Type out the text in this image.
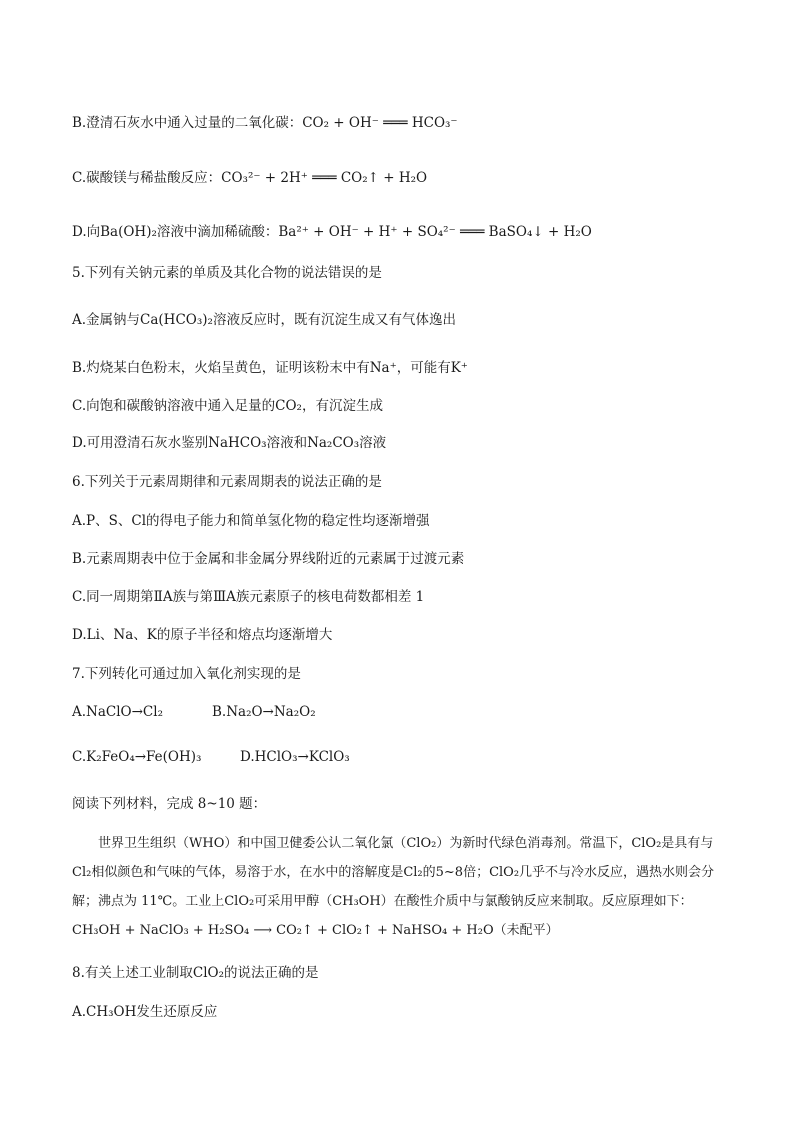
B.澄清石灰水中通入过量的二氧化碳：CO₂ + OH⁻ ═══ HCO₃⁻
C.碳酸镁与稀盐酸反应：CO₃²⁻ + 2H⁺ ═══ CO₂↑ + H₂O
D.向Ba(OH)₂溶液中滴加稀硫酸：Ba²⁺ + OH⁻ + H⁺ + SO₄²⁻ ═══ BaSO₄↓ + H₂O
5.下列有关钠元素的单质及其化合物的说法错误的是
A.金属钠与Ca(HCO₃)₂溶液反应时，既有沉淀生成又有气体逸出
B.灼烧某白色粉末，火焰呈黄色，证明该粉末中有Na⁺，可能有K⁺
C.向饱和碳酸钠溶液中通入足量的CO₂，有沉淀生成
D.可用澄清石灰水鉴别NaHCO₃溶液和Na₂CO₃溶液
6.下列关于元素周期律和元素周期表的说法正确的是
A.P、S、Cl的得电子能力和简单氢化物的稳定性均逐渐增强
B.元素周期表中位于金属和非金属分界线附近的元素属于过渡元素
C.同一周期第ⅡA族与第ⅢA族元素原子的核电荷数都相差 1
D.Li、Na、K的原子半径和熔点均逐渐增大
7.下列转化可通过加入氧化剂实现的是
A.NaClO→Cl₂	B.Na₂O→Na₂O₂
C.K₂FeO₄→Fe(OH)₃	D.HClO₃→KClO₃
阅读下列材料，完成 8~10 题：

世界卫生组织（WHO）和中国卫健委公认二氧化氯（ClO₂）为新时代绿色消毒剂。常温下，ClO₂是具有与Cl₂相似颜色和气味的气体，易溶于水，在水中的溶解度是Cl₂的5~8倍；ClO₂几乎不与冷水反应，遇热水则会分解；沸点为 11℃。工业上ClO₂可采用甲醇（CH₃OH）在酸性介质中与氯酸钠反应来制取。反应原理如下：CH₃OH + NaClO₃ + H₂SO₄ ⟶ CO₂↑ + ClO₂↑ + NaHSO₄ + H₂O（未配平）

8.有关上述工业制取ClO₂的说法正确的是
A.CH₃OH发生还原反应
